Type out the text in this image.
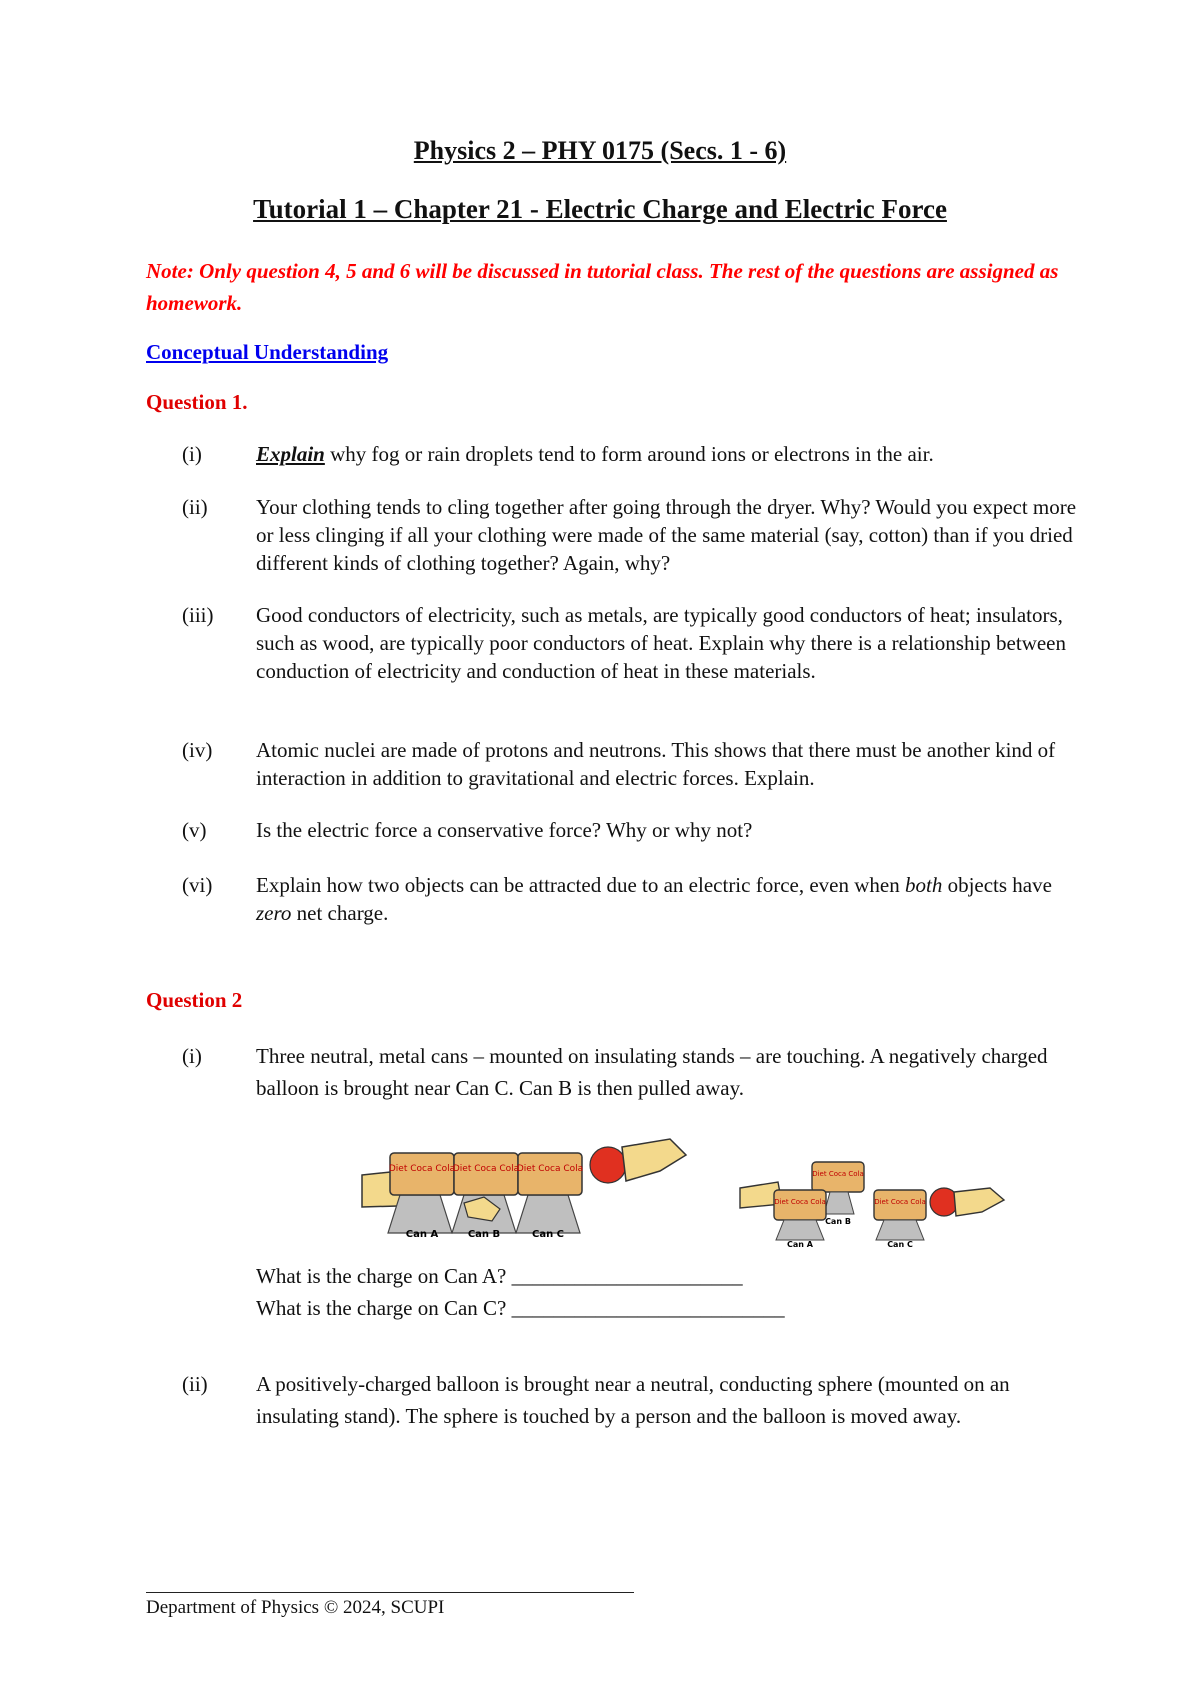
Physics 2 – PHY 0175 (Secs. 1 - 6)
Tutorial 1 – Chapter 21 - Electric Charge and Electric Force

Note: Only question 4, 5 and 6 will be discussed in tutorial class. The rest of the questions are assigned as homework.

Conceptual Understanding
Question 1.
(i)	Explain why fog or rain droplets tend to form around ions or electrons in the air.
(ii)	Your clothing tends to cling together after going through the dryer. Why? Would you expect more or less clinging if all your clothing were made of the same material (say, cotton) than if you dried different kinds of clothing together? Again, why?
(iii)	Good conductors of electricity, such as metals, are typically good conductors of heat; insulators, such as wood, are typically poor conductors of heat. Explain why there is a relationship between conduction of electricity and conduction of heat in these materials.
(iv)	Atomic nuclei are made of protons and neutrons. This shows that there must be another kind of interaction in addition to gravitational and electric forces. Explain.
(v)	Is the electric force a conservative force? Why or why not?
(vi)	Explain how two objects can be attracted due to an electric force, even when both objects have zero net charge.
Question 2
(i)	Three neutral, metal cans – mounted on insulating stands – are touching. A negatively charged balloon is brought near Can C. Can B is then pulled away.
Diet Coca Cola
Diet Coca Cola
Diet Coca Cola
Can A	Can B	Can C
Diet Coca Cola
Diet Coca Cola	Diet Coca Cola
Can A
Can B
Can C
What is the charge on Can A? ______________________
What is the charge on Can C? __________________________
(ii)	A positively-charged balloon is brought near a neutral, conducting sphere (mounted on an insulating stand). The sphere is touched by a person and the balloon is moved away.
Department of Physics © 2024, SCUPI
